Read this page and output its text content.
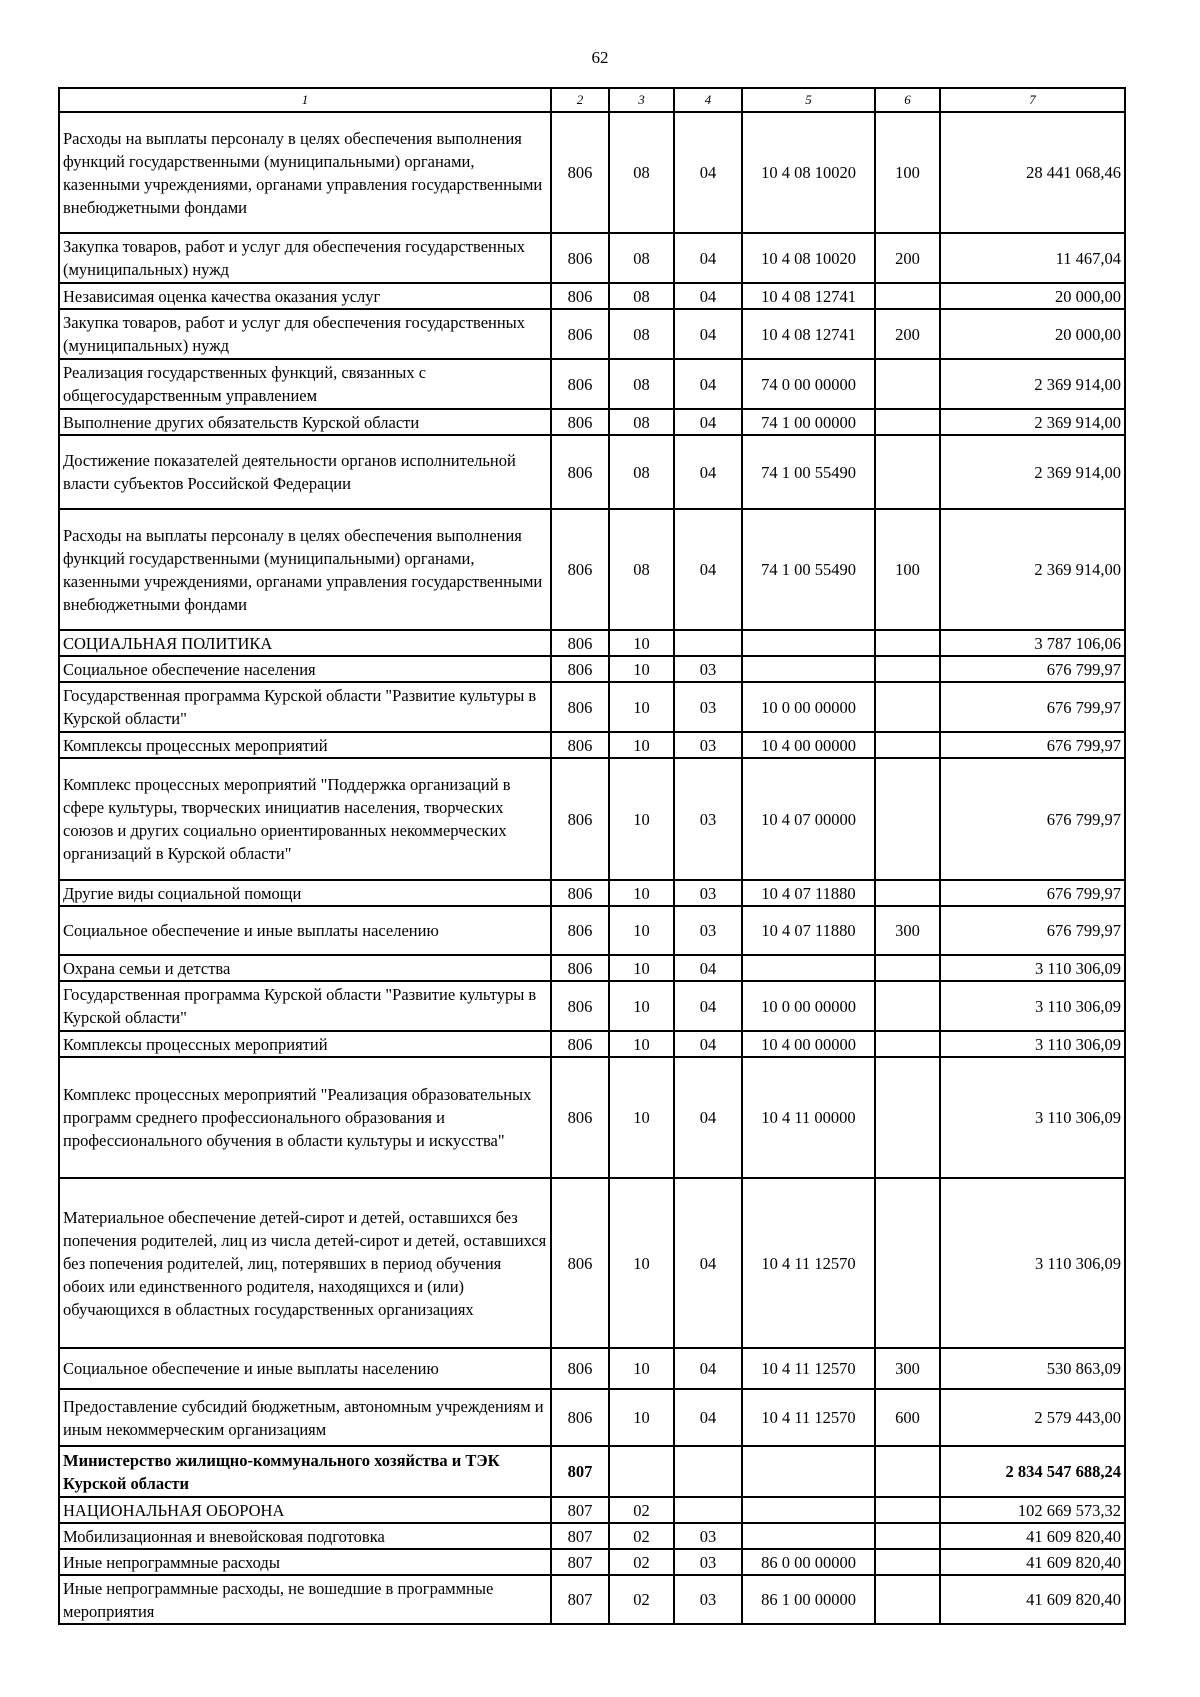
62
1	2	3	4	5	6	7
Расходы на выплаты персоналу в целях обеспечения выполнения функций государственными (муниципальными) органами, казенными учреждениями, органами управления государственными внебюджетными фондами	806	08	04	10 4 08 10020	100	28 441 068,46
Закупка товаров, работ и услуг для обеспечения государственных (муниципальных) нужд	806	08	04	10 4 08 10020	200	11 467,04
Независимая оценка качества оказания услуг	806	08	04	10 4 08 12741		20 000,00
Закупка товаров, работ и услуг для обеспечения государственных (муниципальных) нужд	806	08	04	10 4 08 12741	200	20 000,00
Реализация государственных функций, связанных с общегосударственным управлением	806	08	04	74 0 00 00000		2 369 914,00
Выполнение других обязательств Курской области	806	08	04	74 1 00 00000		2 369 914,00
Достижение показателей деятельности органов исполнительной власти субъектов Российской Федерации	806	08	04	74 1 00 55490		2 369 914,00
Расходы на выплаты персоналу в целях обеспечения выполнения функций государственными (муниципальными) органами, казенными учреждениями, органами управления государственными внебюджетными фондами	806	08	04	74 1 00 55490	100	2 369 914,00
СОЦИАЛЬНАЯ ПОЛИТИКА	806	10				3 787 106,06
Социальное обеспечение населения	806	10	03			676 799,97
Государственная программа Курской области "Развитие культуры в Курской области"	806	10	03	10 0 00 00000		676 799,97
Комплексы процессных мероприятий	806	10	03	10 4 00 00000		676 799,97
Комплекс процессных мероприятий "Поддержка организаций в сфере культуры, творческих инициатив населения, творческих союзов и других социально ориентированных некоммерческих организаций в Курской области"	806	10	03	10 4 07 00000		676 799,97
Другие виды социальной помощи	806	10	03	10 4 07 11880		676 799,97
Социальное обеспечение и иные выплаты населению	806	10	03	10 4 07 11880	300	676 799,97
Охрана семьи и детства	806	10	04			3 110 306,09
Государственная программа Курской области "Развитие культуры в Курской области"	806	10	04	10 0 00 00000		3 110 306,09
Комплексы процессных мероприятий	806	10	04	10 4 00 00000		3 110 306,09
Комплекс процессных мероприятий "Реализация образовательных программ среднего профессионального образования и профессионального обучения в области культуры и искусства"	806	10	04	10 4 11 00000		3 110 306,09
Материальное обеспечение детей-сирот и детей, оставшихся без попечения родителей, лиц из числа детей-сирот и детей, оставшихся без попечения родителей, лиц, потерявших в период обучения обоих или единственного родителя, находящихся и (или) обучающихся в областных государственных организациях	806	10	04	10 4 11 12570		3 110 306,09
Социальное обеспечение и иные выплаты населению	806	10	04	10 4 11 12570	300	530 863,09
Предоставление субсидий бюджетным, автономным учреждениям и иным некоммерческим организациям	806	10	04	10 4 11 12570	600	2 579 443,00
Министерство жилищно-коммунального хозяйства и ТЭК Курской области	807					2 834 547 688,24
НАЦИОНАЛЬНАЯ ОБОРОНА	807	02				102 669 573,32
Мобилизационная и вневойсковая подготовка	807	02	03			41 609 820,40
Иные непрограммные расходы	807	02	03	86 0 00 00000		41 609 820,40
Иные непрограммные расходы, не вошедшие в программные мероприятия	807	02	03	86 1 00 00000		41 609 820,40
